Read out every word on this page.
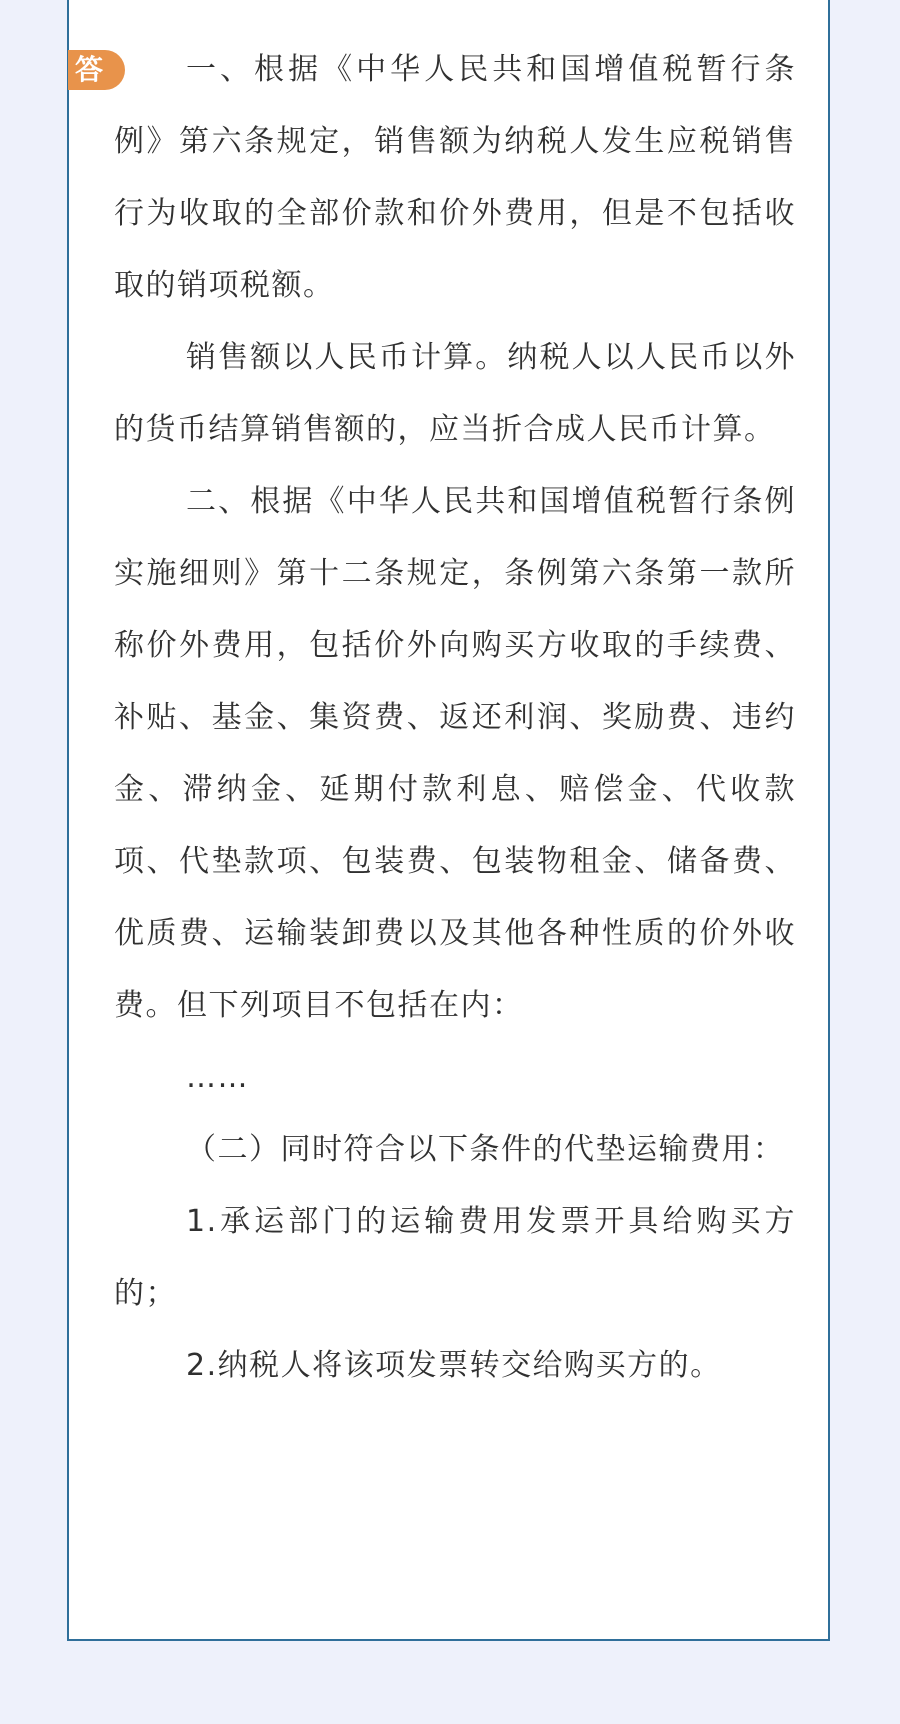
答	一、根据《中华人民共和国增值税暂行条例》第六条规定，销售额为纳税人发生应税销售行为收取的全部价款和价外费用，但是不包括收取的销项税额。

销售额以人民币计算。纳税人以人民币以外的货币结算销售额的，应当折合成人民币计算。

二、根据《中华人民共和国增值税暂行条例实施细则》第十二条规定，条例第六条第一款所称价外费用，包括价外向购买方收取的手续费、补贴、基金、集资费、返还利润、奖励费、违约金、滞纳金、延期付款利息、赔偿金、代收款项、代垫款项、包装费、包装物租金、储备费、优质费、运输装卸费以及其他各种性质的价外收费。但下列项目不包括在内：

……

（二）同时符合以下条件的代垫运输费用：

1.承运部门的运输费用发票开具给购买方的；

2.纳税人将该项发票转交给购买方的。
